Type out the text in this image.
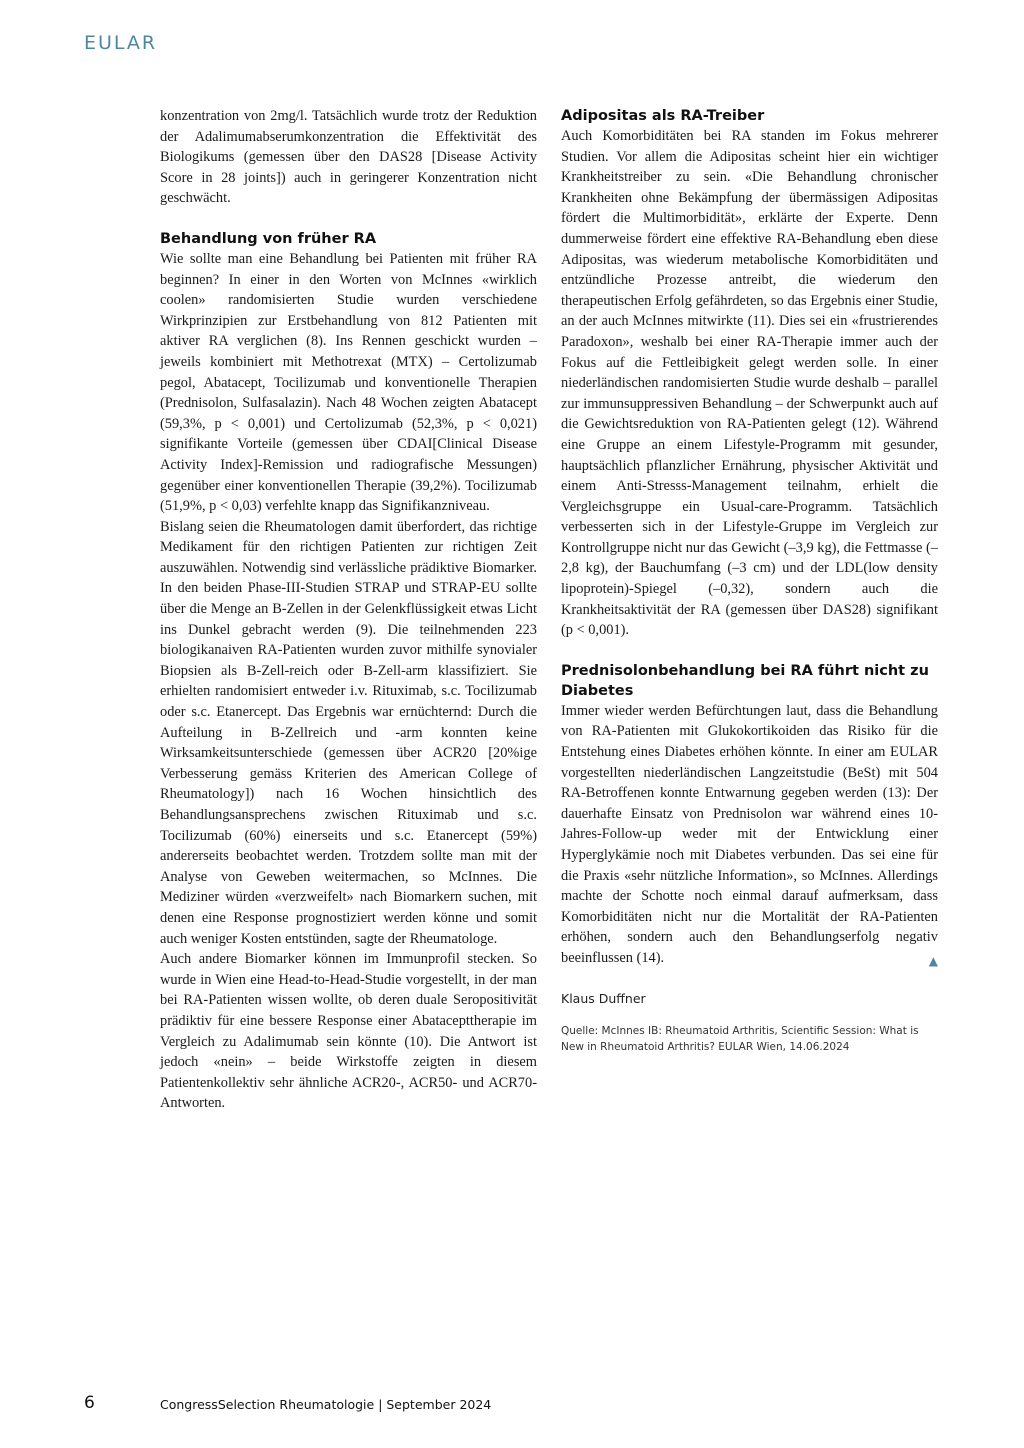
EULAR

konzentration von 2mg/l. Tatsächlich wurde trotz der Reduktion der Adalimumabserumkonzentration die Effektivität des Biologikums (gemessen über den DAS28 [Disease Activity Score in 28 joints]) auch in geringerer Konzentration nicht geschwächt.

Behandlung von früher RA

Wie sollte man eine Behandlung bei Patienten mit früher RA beginnen? In einer in den Worten von McInnes «wirklich coolen» randomisierten Studie wurden verschiedene Wirkprinzipien zur Erstbehandlung von 812 Patienten mit aktiver RA verglichen (8). Ins Rennen geschickt wurden – jeweils kombiniert mit Methotrexat (MTX) – Certolizumab pegol, Abatacept, Tocilizumab und konventionelle Therapien (Prednisolon, Sulfasalazin). Nach 48 Wochen zeigten Abatacept (59,3%, p < 0,001) und Certolizumab (52,3%, p < 0,021) signifikante Vorteile (gemessen über CDAI[Clinical Disease Activity Index]-Remission und radiografische Messungen) gegenüber einer konventionellen Therapie (39,2%). Tocilizumab (51,9%, p < 0,03) verfehlte knapp das Signifikanzniveau.

Bislang seien die Rheumatologen damit überfordert, das richtige Medikament für den richtigen Patienten zur richtigen Zeit auszuwählen. Notwendig sind verlässliche prädiktive Biomarker. In den beiden Phase-III-Studien STRAP und STRAP-EU sollte über die Menge an B-Zellen in der Gelenkflüssigkeit etwas Licht ins Dunkel gebracht werden (9). Die teilnehmenden 223 biologikanaiven RA-Patienten wurden zuvor mithilfe synovialer Biopsien als B-Zell-reich oder B-Zell-arm klassifiziert. Sie erhielten randomisiert entweder i.v. Rituximab, s.c. Tocilizumab oder s.c. Etanercept. Das Ergebnis war ernüchternd: Durch die Aufteilung in B-Zellreich und -arm konnten keine Wirksamkeitsunterschiede (gemessen über ACR20 [20%ige Verbesserung gemäss Kriterien des American College of Rheumatology]) nach 16 Wochen hinsichtlich des Behandlungsansprechens zwischen Rituximab und s.c. Tocilizumab (60%) einerseits und s.c. Etanercept (59%) andererseits beobachtet werden. Trotzdem sollte man mit der Analyse von Geweben weitermachen, so McInnes. Die Mediziner würden «verzweifelt» nach Biomarkern suchen, mit denen eine Response prognostiziert werden könne und somit auch weniger Kosten entstünden, sagte der Rheumatologe.

Auch andere Biomarker können im Immunprofil stecken. So wurde in Wien eine Head-to-Head-Studie vorgestellt, in der man bei RA-Patienten wissen wollte, ob deren duale Seropositivität prädiktiv für eine bessere Response einer Abatacepttherapie im Vergleich zu Adalimumab sein könnte (10). Die Antwort ist jedoch «nein» – beide Wirkstoffe zeigten in diesem Patientenkollektiv sehr ähnliche ACR20-, ACR50- und ACR70-Antworten.

Adipositas als RA-Treiber

Auch Komorbiditäten bei RA standen im Fokus mehrerer Studien. Vor allem die Adipositas scheint hier ein wichtiger Krankheitstreiber zu sein. «Die Behandlung chronischer Krankheiten ohne Bekämpfung der übermässigen Adipositas fördert die Multimorbidität», erklärte der Experte. Denn dummerweise fördert eine effektive RA-Behandlung eben diese Adipositas, was wiederum metabolische Komorbiditäten und entzündliche Prozesse antreibt, die wiederum den therapeutischen Erfolg gefährdeten, so das Ergebnis einer Studie, an der auch McInnes mitwirkte (11). Dies sei ein «frustrierendes Paradoxon», weshalb bei einer RA-Therapie immer auch der Fokus auf die Fettleibigkeit gelegt werden solle. In einer niederländischen randomisierten Studie wurde deshalb – parallel zur immunsuppressiven Behandlung – der Schwerpunkt auch auf die Gewichtsreduktion von RA-Patienten gelegt (12). Während eine Gruppe an einem Lifestyle-Programm mit gesunder, hauptsächlich pflanzlicher Ernährung, physischer Aktivität und einem Anti-Stresss-Management teilnahm, erhielt die Vergleichsgruppe ein Usual-care-Programm. Tatsächlich verbesserten sich in der Lifestyle-Gruppe im Vergleich zur Kontrollgruppe nicht nur das Gewicht (–3,9 kg), die Fettmasse (–2,8 kg), der Bauchumfang (–3 cm) und der LDL(low density lipoprotein)-Spiegel (–0,32), sondern auch die Krankheitsaktivität der RA (gemessen über DAS28) signifikant (p < 0,001).

Prednisolonbehandlung bei RA führt nicht zu Diabetes

Immer wieder werden Befürchtungen laut, dass die Behandlung von RA-Patienten mit Glukokortikoiden das Risiko für die Entstehung eines Diabetes erhöhen könnte. In einer am EULAR vorgestellten niederländischen Langzeitstudie (BeSt) mit 504 RA-Betroffenen konnte Entwarnung gegeben werden (13): Der dauerhafte Einsatz von Prednisolon war während eines 10-Jahres-Follow-up weder mit der Entwicklung einer Hyperglykämie noch mit Diabetes verbunden. Das sei eine für die Praxis «sehr nützliche Information», so McInnes. Allerdings machte der Schotte noch einmal darauf aufmerksam, dass Komorbiditäten nicht nur die Mortalität der RA-Patienten erhöhen, sondern auch den Behandlungserfolg negativ beeinflussen (14).	▲

Klaus Duffner
Quelle: McInnes IB: Rheumatoid Arthritis, Scientific Session: What is New in Rheumatoid Arthritis? EULAR Wien, 14.06.2024
6	CongressSelection Rheumatologie | September 2024
